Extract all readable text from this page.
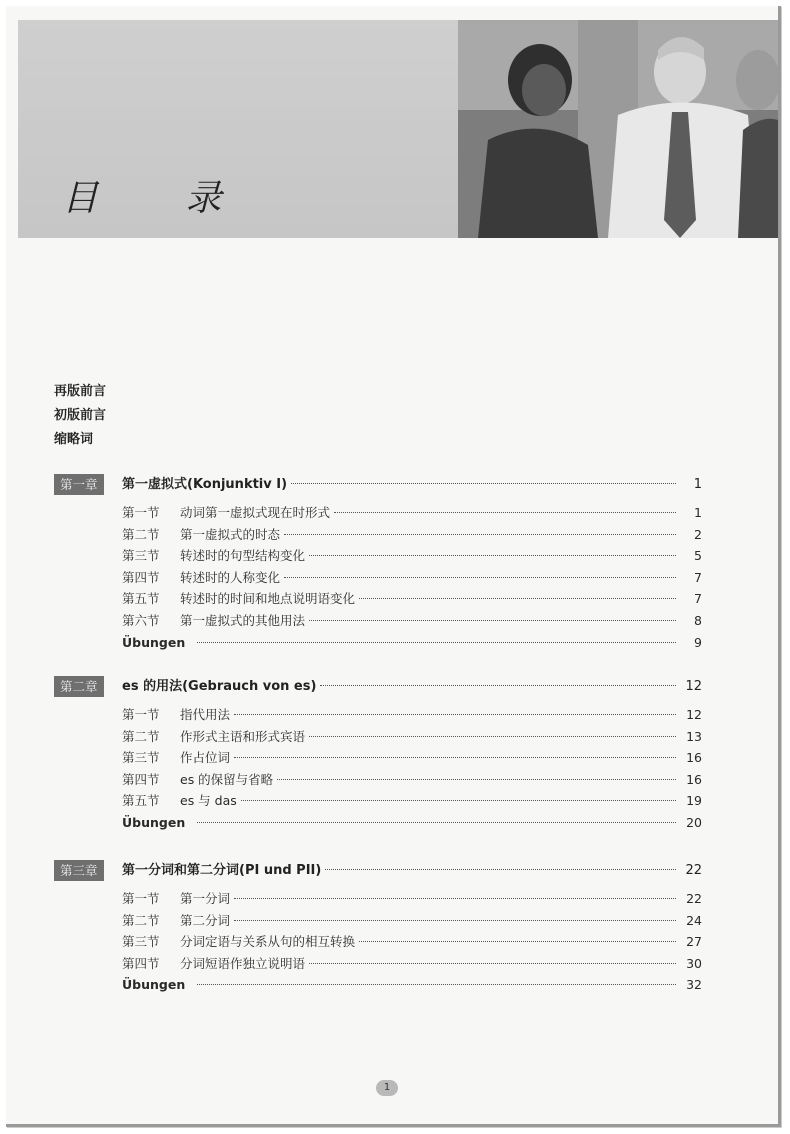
目 录
再版前言
初版前言
缩略词
第一章	第一虚拟式(Konjunktiv I)	1
第一节	动词第一虚拟式现在时形式	1
第二节	第一虚拟式的时态	2
第三节	转述时的句型结构变化	5
第四节	转述时的人称变化	7
第五节	转述时的时间和地点说明语变化	7
第六节	第一虚拟式的其他用法	8
Übungen	9
第二章	es 的用法(Gebrauch von es)	12
第一节	指代用法	12
第二节	作形式主语和形式宾语	13
第三节	作占位词	16
第四节	es 的保留与省略	16
第五节	es 与 das	19
Übungen	20
第三章	第一分词和第二分词(PI und PII)	22
第一节	第一分词	22
第二节	第二分词	24
第三节	分词定语与关系从句的相互转换	27
第四节	分词短语作独立说明语	30
Übungen	32
1
